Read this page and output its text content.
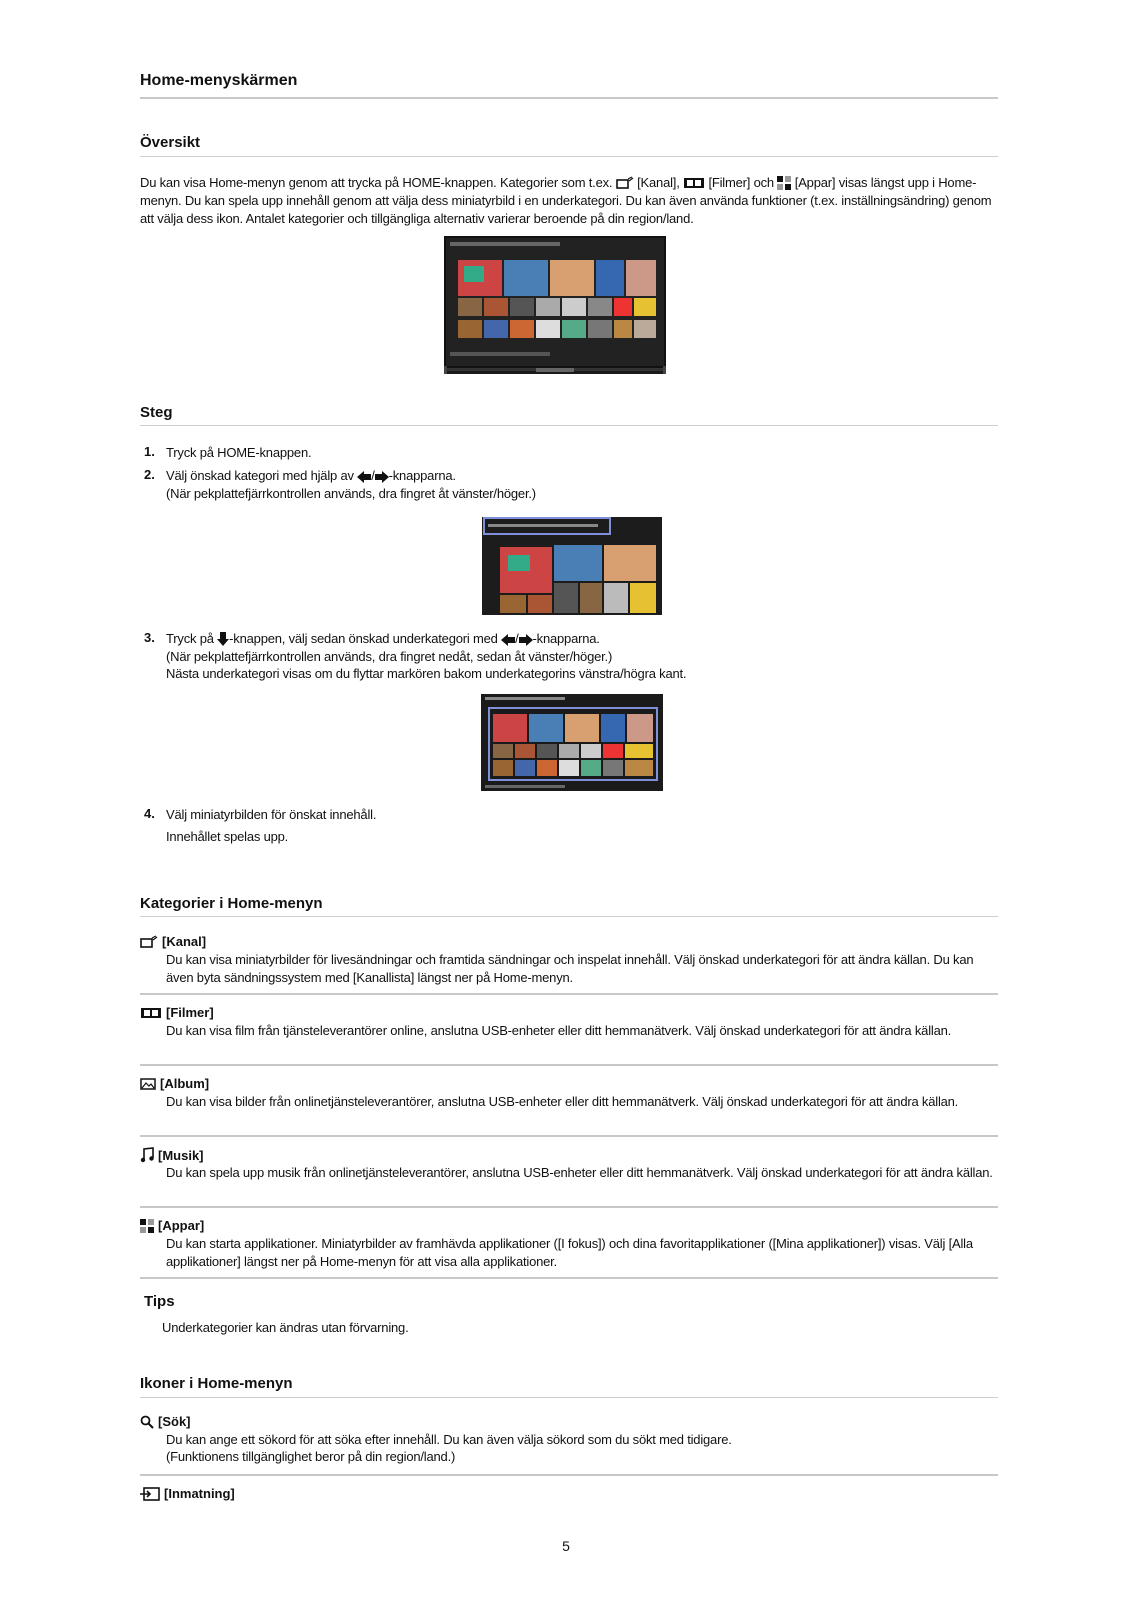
Home-menyskärmen
Översikt
Du kan visa Home-menyn genom att trycka på HOME-knappen. Kategorier som t.ex.  [Kanal],  [Filmer] och  [Appar] visas längst upp i Home-menyn. Du kan spela upp innehåll genom att välja dess miniatyrbild i en underkategori. Du kan även använda funktioner (t.ex. inställningsändring) genom att välja dess ikon. Antalet kategorier och tillgängliga alternativ varierar beroende på din region/land.
Steg
1. Tryck på HOME-knappen.
2. Välj önskad kategori med hjälp av / -knapparna.
(När pekplattefjärrkontrollen används, dra fingret åt vänster/höger.)
3. Tryck på -knappen, välj sedan önskad underkategori med / -knapparna.
(När pekplattefjärrkontrollen används, dra fingret nedåt, sedan åt vänster/höger.)
Nästa underkategori visas om du flyttar markören bakom underkategorins vänstra/högra kant.
4. Välj miniatyrbilden för önskat innehåll.
Innehållet spelas upp.
Kategorier i Home-menyn
[Kanal]
Du kan visa miniatyrbilder för livesändningar och framtida sändningar och inspelat innehåll. Välj önskad underkategori för att ändra källan. Du kan även byta sändningssystem med [Kanallista] längst ner på Home-menyn.
[Filmer]
Du kan visa film från tjänsteleverantörer online, anslutna USB-enheter eller ditt hemmanätverk. Välj önskad underkategori för att ändra källan.
[Album]
Du kan visa bilder från onlinetjänsteleverantörer, anslutna USB-enheter eller ditt hemmanätverk. Välj önskad underkategori för att ändra källan.
[Musik]
Du kan spela upp musik från onlinetjänsteleverantörer, anslutna USB-enheter eller ditt hemmanätverk. Välj önskad underkategori för att ändra källan.
[Appar]
Du kan starta applikationer. Miniatyrbilder av framhävda applikationer ([I fokus]) och dina favoritapplikationer ([Mina applikationer]) visas. Välj [Alla applikationer] längst ner på Home-menyn för att visa alla applikationer.
Tips
Underkategorier kan ändras utan förvarning.
Ikoner i Home-menyn
[Sök]
Du kan ange ett sökord för att söka efter innehåll. Du kan även välja sökord som du sökt med tidigare.
(Funktionens tillgänglighet beror på din region/land.)
[Inmatning]
5
